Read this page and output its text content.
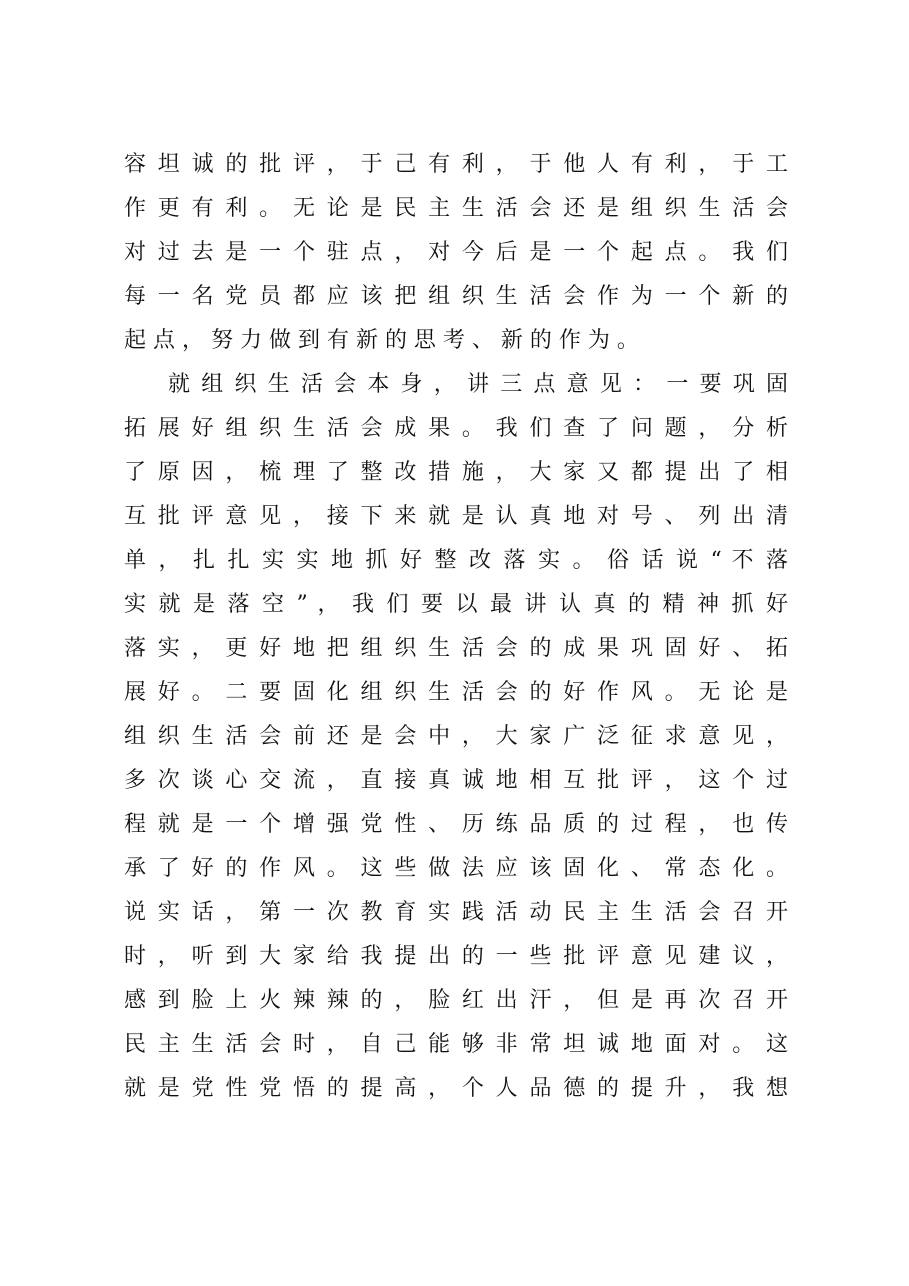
容 坦 诚 的 批 评 ， 于 己 有 利 ， 于 他 人 有 利 ， 于 工
作 更 有 利 。 无 论 是 民 主 生 活 会 还 是 组 织 生 活 会
对 过 去 是 一 个 驻 点 ， 对 今 后 是 一 个 起 点 。 我 们
每 一 名 党 员 都 应 该 把 组 织 生 活 会 作 为 一 个 新 的
起 点 ， 努 力 做 到 有 新 的 思 考 、 新 的 作 为 。
就 组 织 生 活 会 本 身 ， 讲 三 点 意 见 ： 一 要 巩 固
拓 展 好 组 织 生 活 会 成 果 。 我 们 查 了 问 题 ， 分 析
了 原 因 ， 梳 理 了 整 改 措 施 ， 大 家 又 都 提 出 了 相
互 批 评 意 见 ， 接 下 来 就 是 认 真 地 对 号 、 列 出 清
单 ， 扎 扎 实 实 地 抓 好 整 改 落 实 。 俗 话 说 “ 不 落
实 就 是 落 空 ” ， 我 们 要 以 最 讲 认 真 的 精 神 抓 好
落 实 ， 更 好 地 把 组 织 生 活 会 的 成 果 巩 固 好 、 拓
展 好 。 二 要 固 化 组 织 生 活 会 的 好 作 风 。 无 论 是
组 织 生 活 会 前 还 是 会 中 ， 大 家 广 泛 征 求 意 见 ，
多 次 谈 心 交 流 ， 直 接 真 诚 地 相 互 批 评 ， 这 个 过
程 就 是 一 个 增 强 党 性 、 历 练 品 质 的 过 程 ， 也 传
承 了 好 的 作 风 。 这 些 做 法 应 该 固 化 、 常 态 化 。
说 实 话 ， 第 一 次 教 育 实 践 活 动 民 主 生 活 会 召 开
时 ， 听 到 大 家 给 我 提 出 的 一 些 批 评 意 见 建 议 ，
感 到 脸 上 火 辣 辣 的 ， 脸 红 出 汗 ， 但 是 再 次 召 开
民 主 生 活 会 时 ， 自 己 能 够 非 常 坦 诚 地 面 对 。 这
就 是 党 性 党 悟 的 提 高 ， 个 人 品 德 的 提 升 ， 我 想
